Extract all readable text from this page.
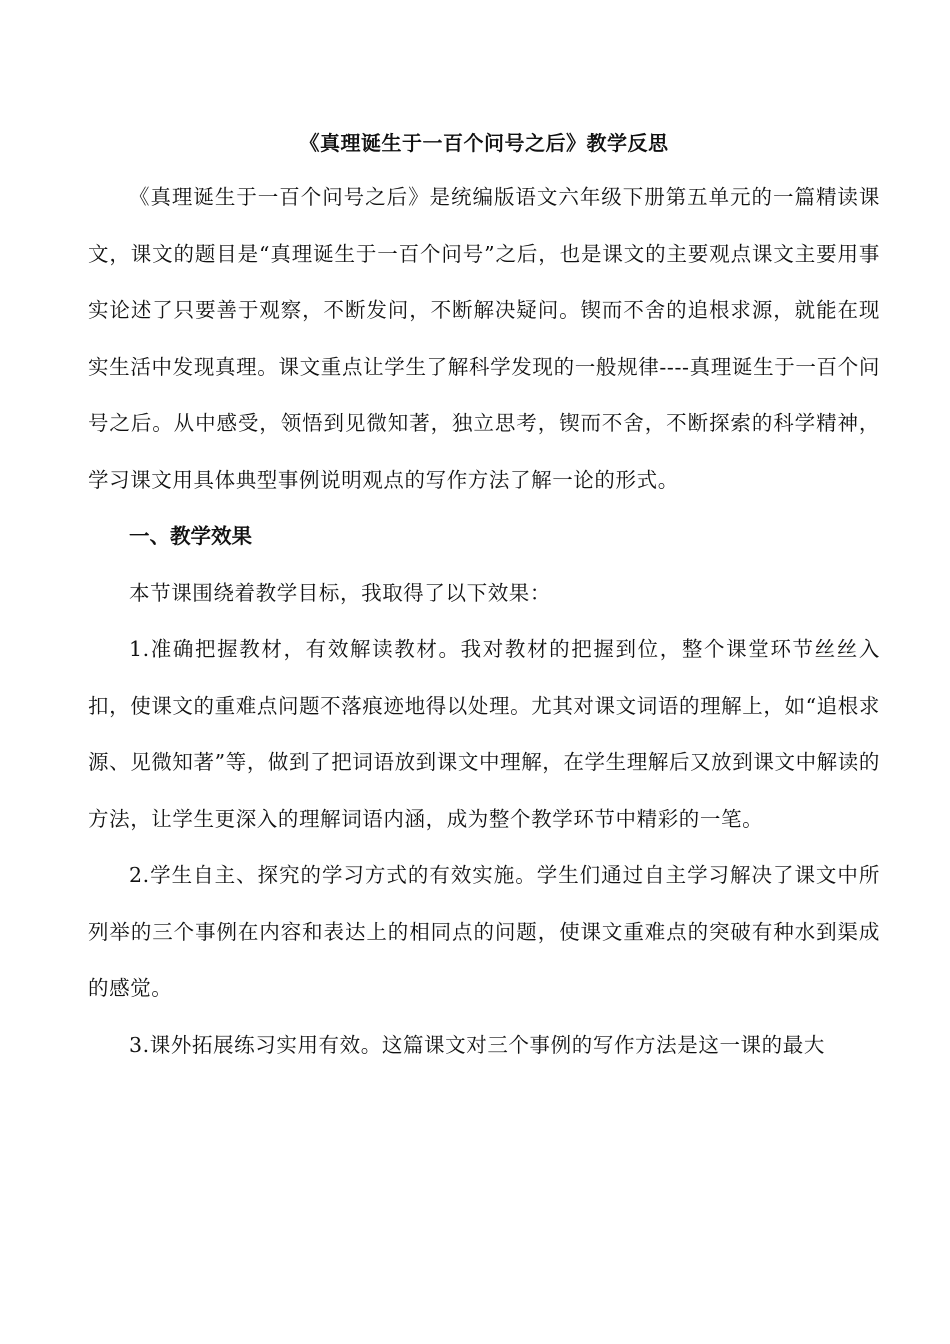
《真理诞生于一百个问号之后》教学反思

《真理诞生于一百个问号之后》是统编版语文六年级下册第五单元的一篇精读课文，课文的题目是“真理诞生于一百个问号”之后，也是课文的主要观点课文主要用事实论述了只要善于观察，不断发问，不断解决疑问。锲而不舍的追根求源，就能在现实生活中发现真理。课文重点让学生了解科学发现的一般规律----真理诞生于一百个问号之后。从中感受，领悟到见微知著，独立思考，锲而不舍，不断探索的科学精神，学习课文用具体典型事例说明观点的写作方法了解一论的形式。

一、教学效果

本节课围绕着教学目标，我取得了以下效果：

1.准确把握教材，有效解读教材。我对教材的把握到位，整个课堂环节丝丝入扣，使课文的重难点问题不落痕迹地得以处理。尤其对课文词语的理解上，如“追根求源、见微知著”等，做到了把词语放到课文中理解，在学生理解后又放到课文中解读的方法，让学生更深入的理解词语内涵，成为整个教学环节中精彩的一笔。

2.学生自主、探究的学习方式的有效实施。学生们通过自主学习解决了课文中所列举的三个事例在内容和表达上的相同点的问题，使课文重难点的突破有种水到渠成的感觉。

3.课外拓展练习实用有效。这篇课文对三个事例的写作方法是这一课的最大
